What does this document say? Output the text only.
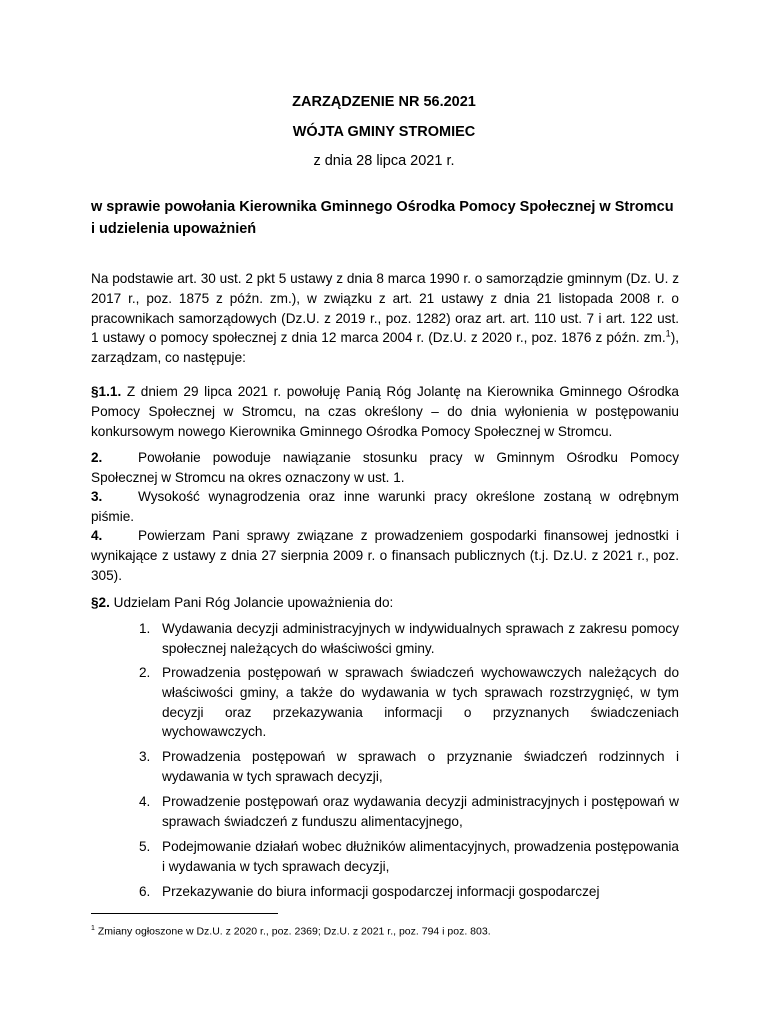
ZARZĄDZENIE NR 56.2021
WÓJTA GMINY STROMIEC
z dnia 28 lipca 2021 r.
w sprawie powołania Kierownika Gminnego Ośrodka Pomocy Społecznej w Stromcu
i udzielenia upoważnień
Na podstawie art. 30 ust. 2 pkt 5 ustawy z dnia 8 marca 1990 r. o samorządzie gminnym (Dz. U. z 2017 r., poz. 1875 z późn. zm.), w związku z art. 21 ustawy z dnia 21 listopada 2008 r. o pracownikach samorządowych (Dz.U. z 2019 r., poz. 1282) oraz art. art. 110 ust. 7 i art. 122 ust. 1 ustawy o pomocy społecznej z dnia 12 marca 2004 r. (Dz.U. z 2020 r., poz. 1876 z późn. zm.$^1$), zarządzam, co następuje:
§1.1. Z dniem 29 lipca 2021 r. powołuję Panią Róg Jolantę na Kierownika Gminnego Ośrodka Pomocy Społecznej w Stromcu, na czas określony – do dnia wyłonienia w postępowaniu konkursowym nowego Kierownika Gminnego Ośrodka Pomocy Społecznej w Stromcu.
2.	Powołanie powoduje nawiązanie stosunku pracy w Gminnym Ośrodku Pomocy Społecznej w Stromcu na okres oznaczony w ust. 1.
3.	Wysokość wynagrodzenia oraz inne warunki pracy określone zostaną w odrębnym piśmie.
4.	Powierzam Pani sprawy związane z prowadzeniem gospodarki finansowej jednostki i wynikające z ustawy z dnia 27 sierpnia 2009 r. o finansach publicznych (t.j. Dz.U. z 2021 r., poz. 305).
§2. Udzielam Pani Róg Jolancie upoważnienia do:
1. Wydawania decyzji administracyjnych w indywidualnych sprawach z zakresu pomocy społecznej należących do właściwości gminy.
2. Prowadzenia postępowań w sprawach świadczeń wychowawczych należących do właściwości gminy, a także do wydawania w tych sprawach rozstrzygnięć, w tym decyzji oraz przekazywania informacji o przyznanych świadczeniach wychowawczych.
3. Prowadzenia postępowań w sprawach o przyznanie świadczeń rodzinnych i wydawania w tych sprawach decyzji,
4. Prowadzenie postępowań oraz wydawania decyzji administracyjnych i postępowań w sprawach świadczeń z funduszu alimentacyjnego,
5. Podejmowanie działań wobec dłużników alimentacyjnych, prowadzenia postępowania i wydawania w tych sprawach decyzji,
6. Przekazywanie do biura informacji gospodarczej informacji gospodarczej
$^1$ Zmiany ogłoszone w Dz.U. z 2020 r., poz. 2369; Dz.U. z 2021 r., poz. 794 i poz. 803.
